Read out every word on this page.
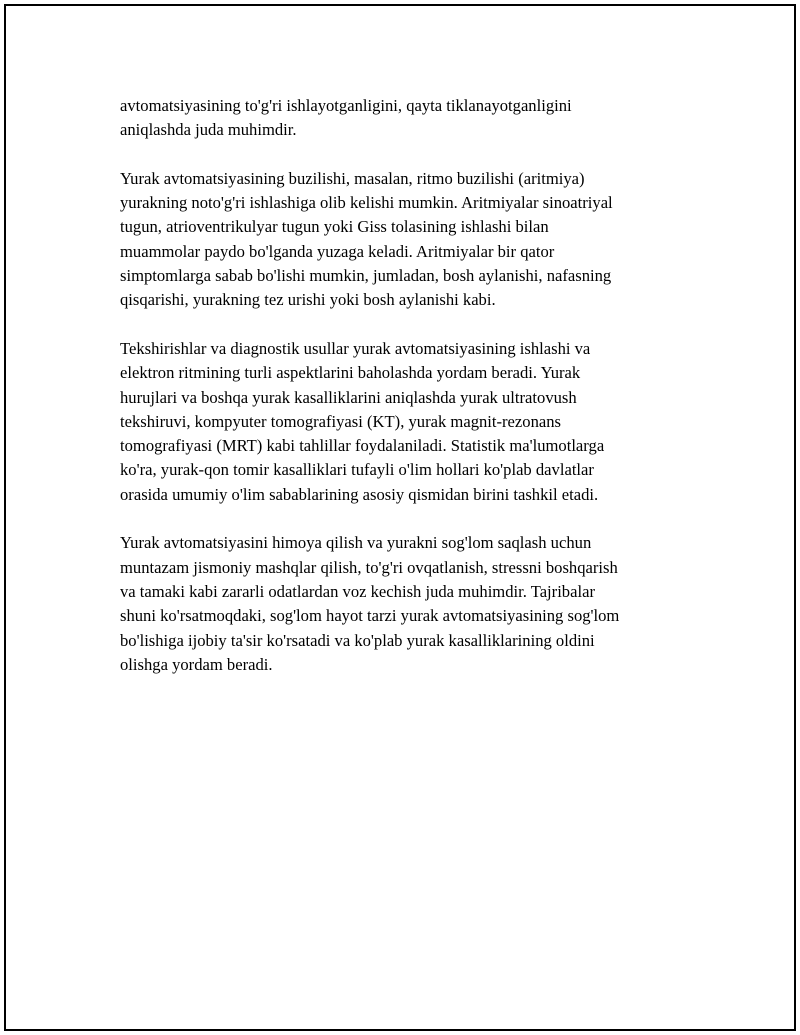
avtomatsiyasining to'g'ri ishlayotganligini, qayta tiklanayotganligini
aniqlashda juda muhimdir.

Yurak avtomatsiyasining buzilishi, masalan, ritmo buzilishi (aritmiya)
yurakning noto'g'ri ishlashiga olib kelishi mumkin. Aritmiyalar sinoatriyal
tugun, atrioventrikulyar tugun yoki Giss tolasining ishlashi bilan
muammolar paydo bo'lganda yuzaga keladi. Aritmiyalar bir qator
simptomlarga sabab bo'lishi mumkin, jumladan, bosh aylanishi, nafasning
qisqarishi, yurakning tez urishi yoki bosh aylanishi kabi.

Tekshirishlar va diagnostik usullar yurak avtomatsiyasining ishlashi va
elektron ritmining turli aspektlarini baholashda yordam beradi. Yurak
hurujlari va boshqa yurak kasalliklarini aniqlashda yurak ultratovush
tekshiruvi, kompyuter tomografiyasi (KT), yurak magnit-rezonans
tomografiyasi (MRT) kabi tahlillar foydalaniladi. Statistik ma'lumotlarga
ko'ra, yurak-qon tomir kasalliklari tufayli o'lim hollari ko'plab davlatlar
orasida umumiy o'lim sabablarining asosiy qismidan birini tashkil etadi.

Yurak avtomatsiyasini himoya qilish va yurakni sog'lom saqlash uchun
muntazam jismoniy mashqlar qilish, to'g'ri ovqatlanish, stressni boshqarish
va tamaki kabi zararli odatlardan voz kechish juda muhimdir. Tajribalar
shuni ko'rsatmoqdaki, sog'lom hayot tarzi yurak avtomatsiyasining sog'lom
bo'lishiga ijobiy ta'sir ko'rsatadi va ko'plab yurak kasalliklarining oldini
olishga yordam beradi.
